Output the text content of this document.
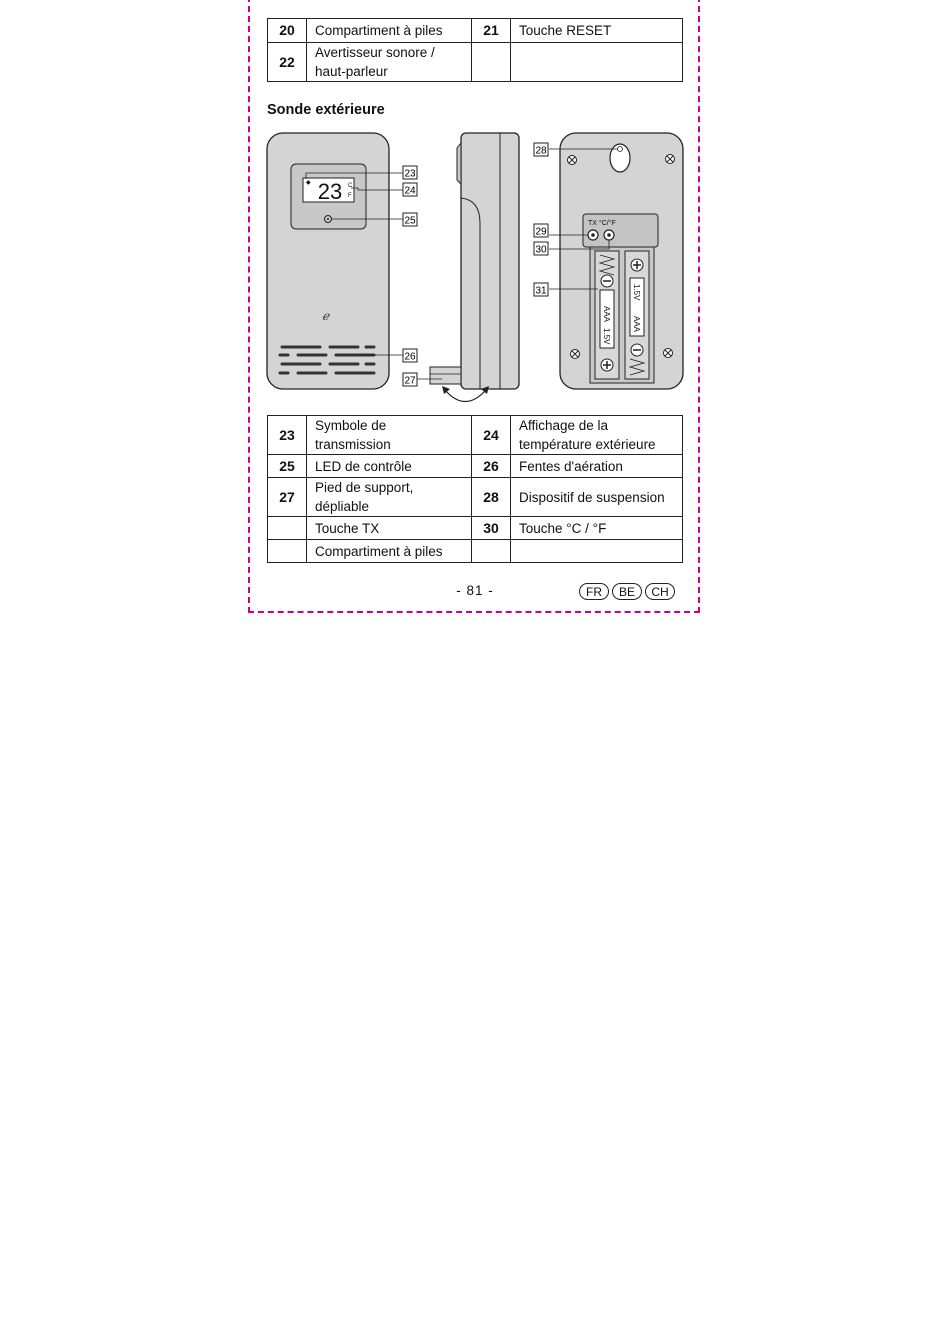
20	Compartiment à piles	21	Touche RESET
22	Avertisseur sonore / haut-parleur		
Sonde extérieure
23
◆	C
F
ℯ
TX °C/°F
AAA
1.5V
1.5V
AAA
23
24
25
26
27
28
29
30
31
23	Symbole de transmission	24	Affichage de la température extérieure
25	LED de contrôle	26	Fentes d'aération
27	Pied de support, dépliable	28	Dispositif de suspension
	Touche TX	30	Touche °C / °F
	Compartiment à piles		
- 81 -	FR	BE	CH
